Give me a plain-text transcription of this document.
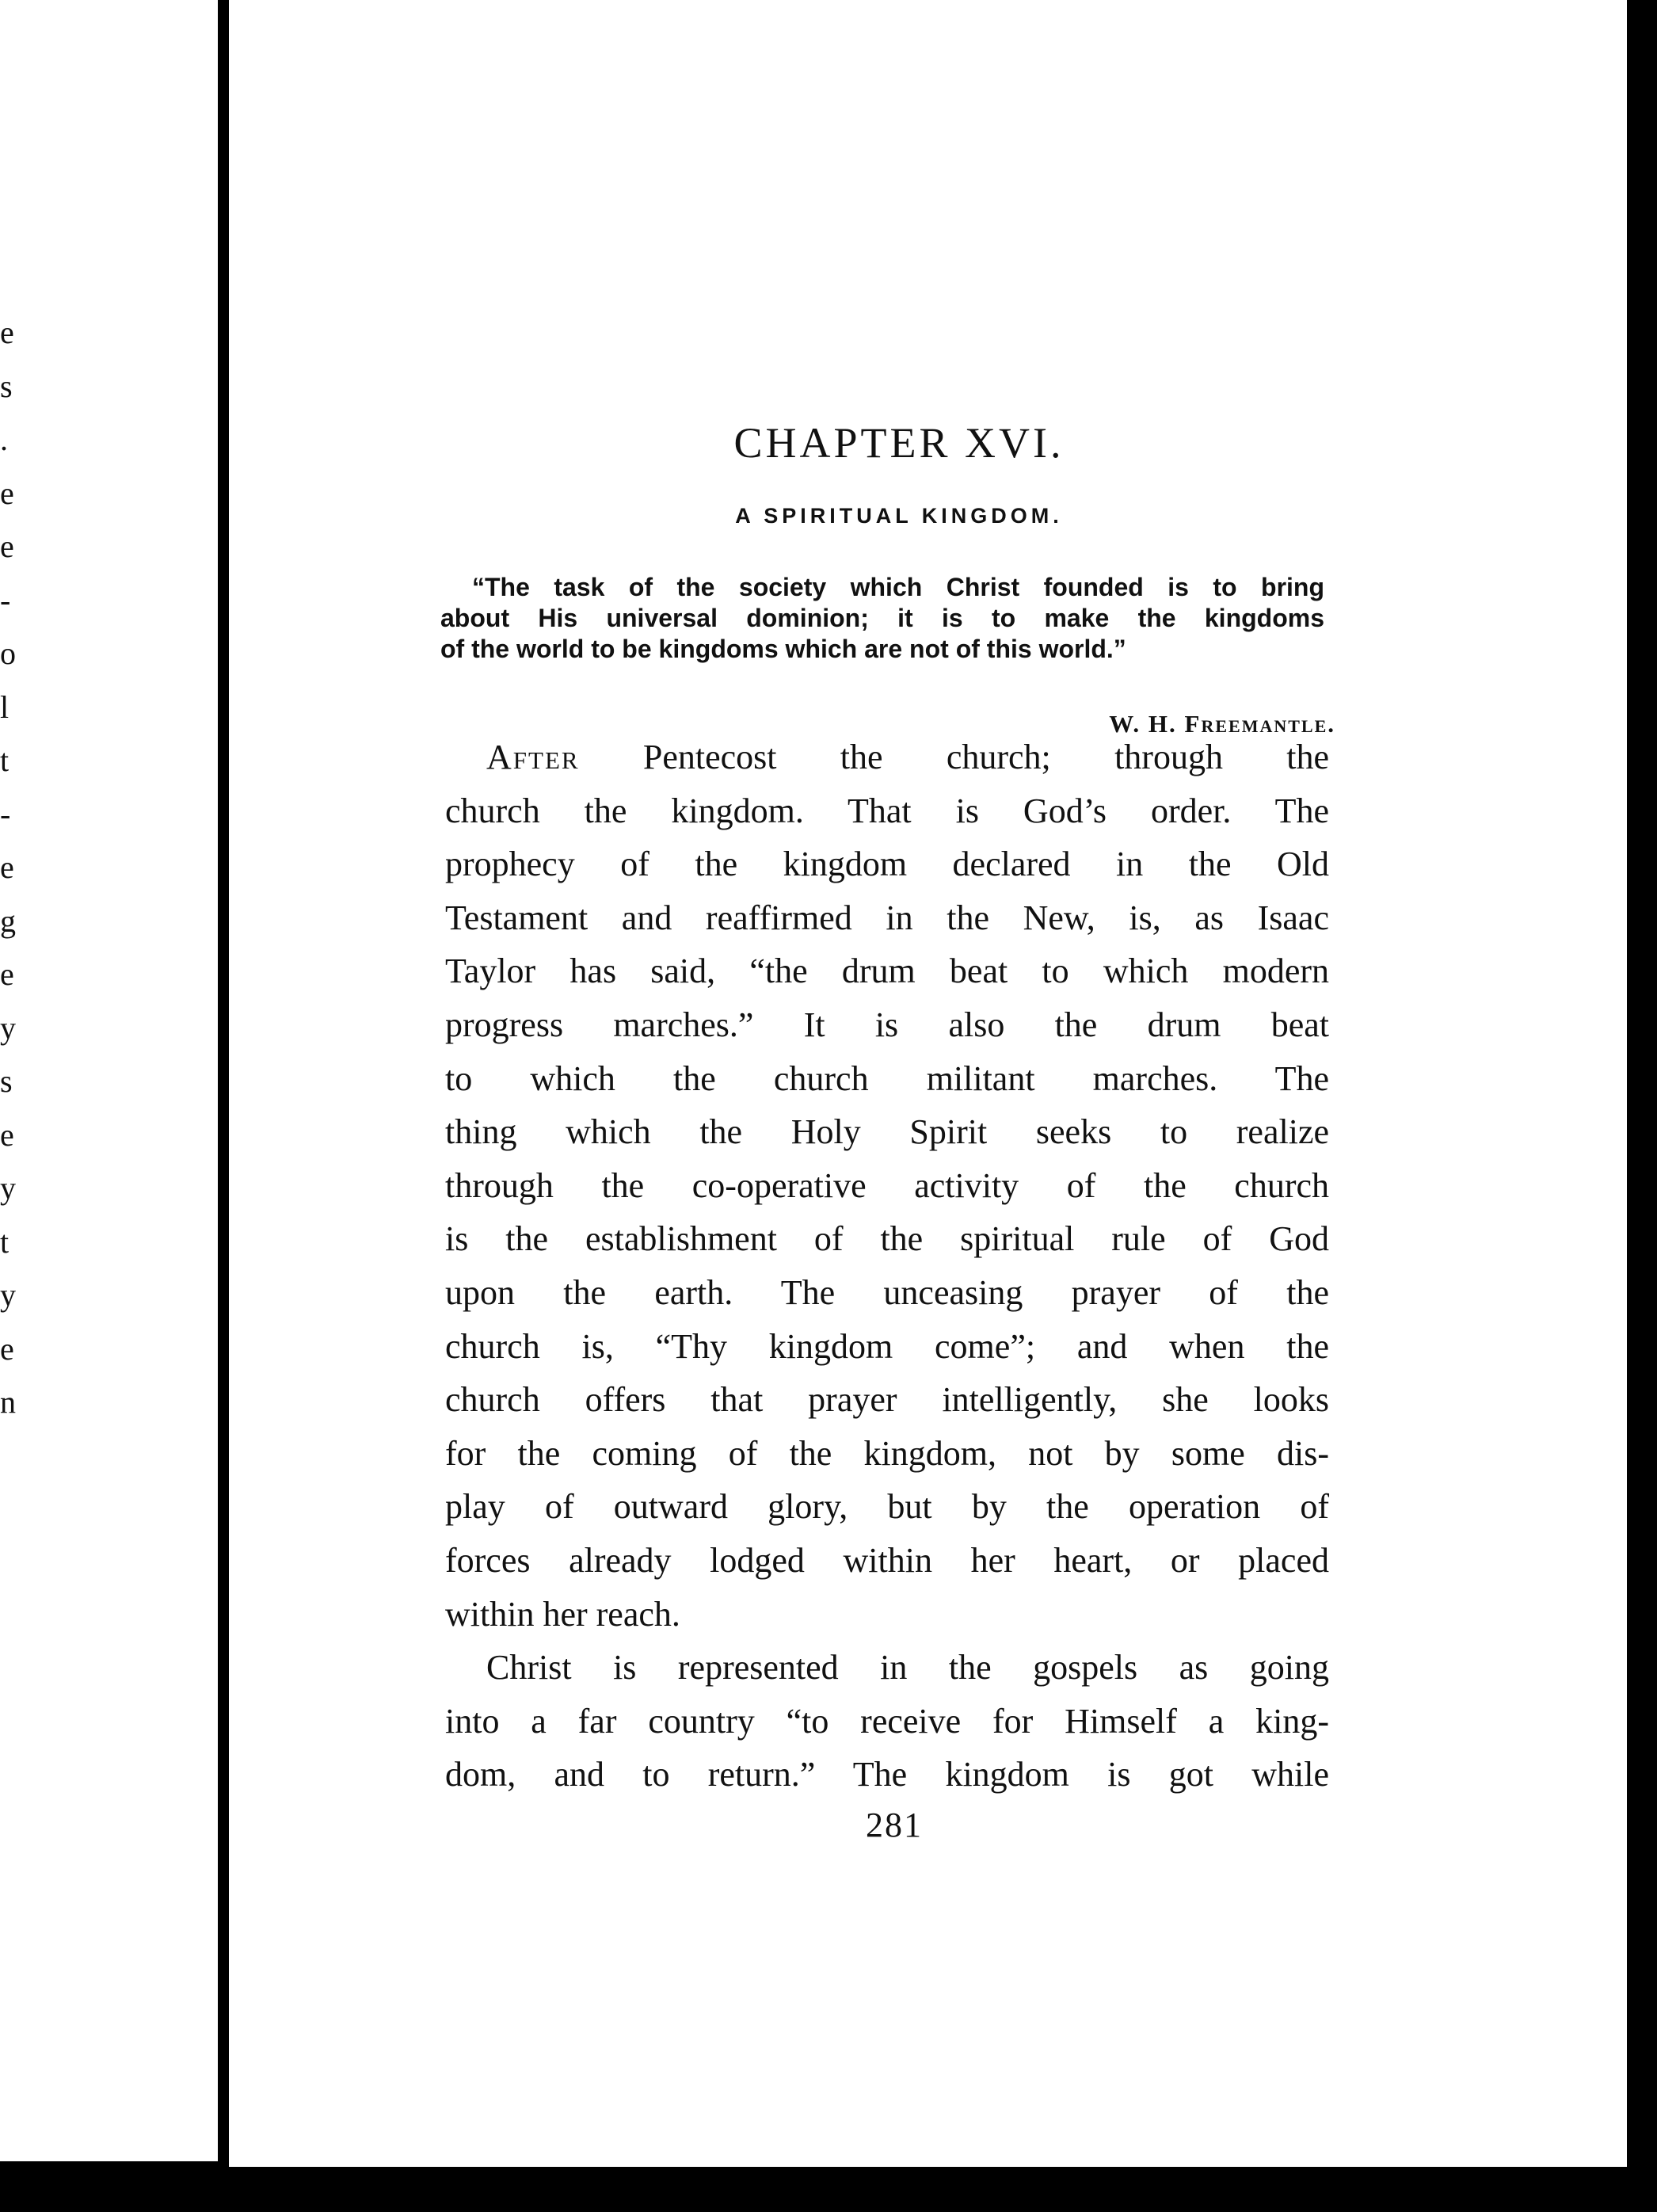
e
s
.
e
e
-
o
l
t
-
e
g
e
y
s
e
y
t
y
e
n
CHAPTER XVI.
A SPIRITUAL KINGDOM.
“The task of the society which Christ founded is to bring
about His universal dominion; it is to make the kingdoms
of the world to be kingdoms which are not of this world.”
W. H. Freemantle.
After Pentecost the church; through the
church the kingdom. That is God’s order. The
prophecy of the kingdom declared in the Old
Testament and reaffirmed in the New, is, as Isaac
Taylor has said, “the drum beat to which modern
progress marches.” It is also the drum beat
to which the church militant marches. The
thing which the Holy Spirit seeks to realize
through the co-operative activity of the church
is the establishment of the spiritual rule of God
upon the earth. The unceasing prayer of the
church is, “Thy kingdom come”; and when the
church offers that prayer intelligently, she looks
for the coming of the kingdom, not by some dis-
play of outward glory, but by the operation of
forces already lodged within her heart, or placed
within her reach.
Christ is represented in the gospels as going
into a far country “to receive for Himself a king-
dom, and to return.” The kingdom is got while
281
